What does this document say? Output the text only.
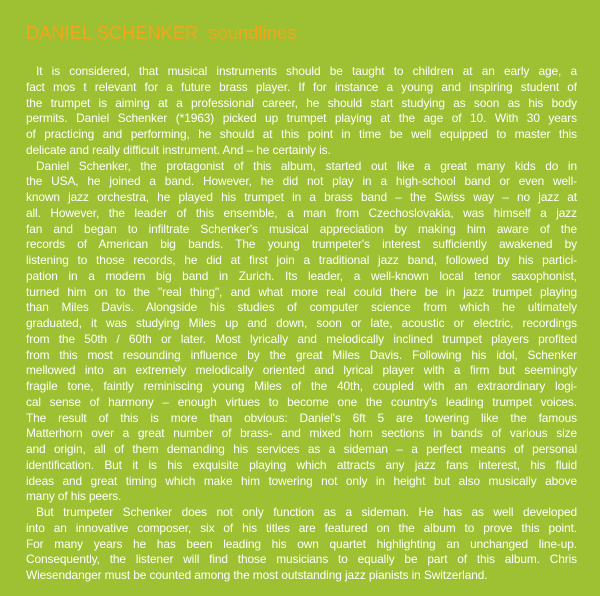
DANIEL SCHENKER soundlines
It is considered, that musical instruments should be taught to children at an early age, a
fact mos t relevant for a future brass player. If for instance a young and inspiring student of
the trumpet is aiming at a professional career, he should start studying as soon as his body
permits. Daniel Schenker (*1963) picked up trumpet playing at the age of 10. With 30 years
of practicing and performing, he should at this point in time be well equipped to master this
delicate and really difficult instrument. And – he certainly is.
Daniel Schenker, the protagonist of this album, started out like a great many kids do in
the USA, he joined a band. However, he did not play in a high-school band or even well-
known jazz orchestra, he played his trumpet in a brass band – the Swiss way – no jazz at
all. However, the leader of this ensemble, a man from Czechoslovakia, was himself a jazz
fan and began to infiltrate Schenker's musical appreciation by making him aware of the
records of American big bands. The young trumpeter's interest sufficiently awakened by
listening to those records, he did at first join a traditional jazz band, followed by his partici-
pation in a modern big band in Zurich. Its leader, a well-known local tenor saxophonist,
turned him on to the "real thing", and what more real could there be in jazz trumpet playing
than Miles Davis. Alongside his studies of computer science from which he ultimately
graduated, it was studying Miles up and down, soon or late, acoustic or electric, recordings
from the 50th / 60th or later. Most lyrically and melodically inclined trumpet players profited
from this most resounding influence by the great Miles Davis. Following his idol, Schenker
mellowed into an extremely melodically oriented and lyrical player with a firm but seemingly
fragile tone, faintly reminiscing young Miles of the 40th, coupled with an extraordinary logi-
cal sense of harmony – enough virtues to become one the country's leading trumpet voices.
The result of this is more than obvious: Daniel's 6ft 5 are towering like the famous
Matterhorn over a great number of brass- and mixed horn sections in bands of various size
and origin, all of them demanding his services as a sideman – a perfect means of personal
identification. But it is his exquisite playing which attracts any jazz fans interest, his fluid
ideas and great timing which make him towering not only in height but also musically above
many of his peers.
But trumpeter Schenker does not only function as a sideman. He has as well developed
into an innovative composer, six of his titles are featured on the album to prove this point.
For many years he has been leading his own quartet highlighting an unchanged line-up.
Consequently, the listener will find those musicians to equally be part of this album. Chris
Wiesendanger must be counted among the most outstanding jazz pianists in Switzerland.
